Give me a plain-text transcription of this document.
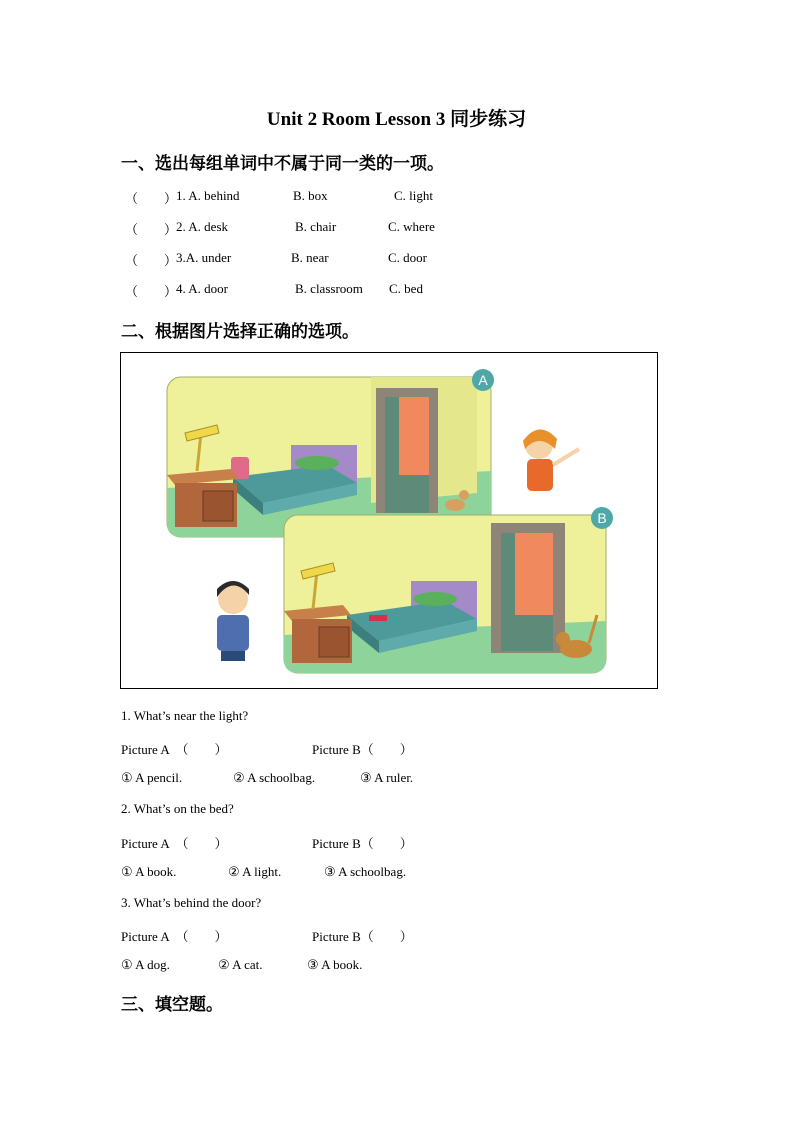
Unit 2 Room Lesson 3 同步练习
一、选出每组单词中不属于同一类的一项。
（　　）
1. A. behind	B. box	C. light
（　　）
2. A. desk	B. chair	C. where
（　　）
3.A. under	B. near	C. door
（　　）
4. A. door	B. classroom C. bed
二、根据图片选择正确的选项。
A
B
1. What’s near the light?
Picture A　（　　）	Picture B（　　）
① A pencil.	② A schoolbag.	③ A ruler.
2. What’s on the bed?
Picture A　（　　）	Picture B（　　）
① A book.	② A light.	③ A schoolbag.
3. What’s behind the door?
Picture A　（　　）	Picture B（　　）
① A dog.	② A cat.	③ A book.
三、填空题。
